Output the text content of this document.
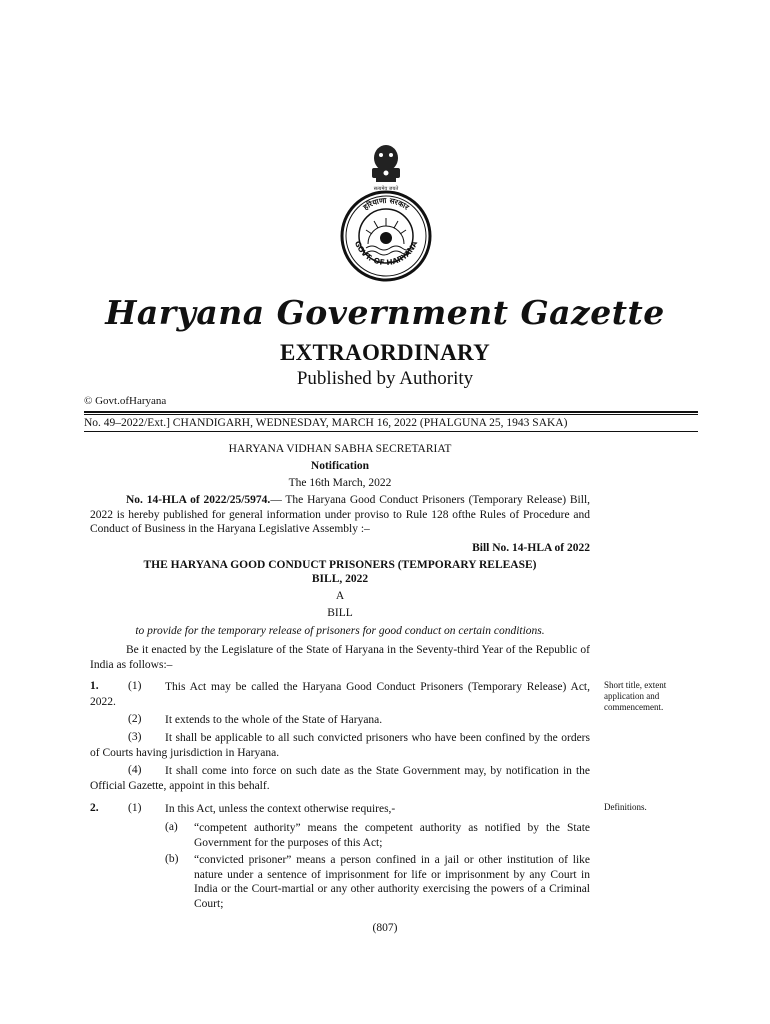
सत्यमेव जयते
हरियाणा सरकार
GOVT. OF HARYANA
Haryana Government Gazette
EXTRAORDINARY
Published by Authority
© Govt.ofHaryana
No. 49–2022/Ext.] CHANDIGARH, WEDNESDAY, MARCH 16, 2022 (PHALGUNA 25, 1943 SAKA)
HARYANA VIDHAN SABHA SECRETARIAT
Notification
The 16th March, 2022
No. 14-HLA of 2022/25/5974.— The Haryana Good Conduct Prisoners (Temporary Release) Bill, 2022 is hereby published for general information under proviso to Rule 128 ofthe Rules of Procedure and Conduct of Business in the Haryana Legislative Assembly :–
Bill No. 14-HLA of 2022
THE HARYANA GOOD CONDUCT PRISONERS (TEMPORARY RELEASE)
BILL, 2022
A
BILL
to provide for the temporary release of prisoners for good conduct on certain conditions.
Be it enacted by the Legislature of the State of Haryana in the Seventy-third Year of the Republic of India as follows:–
1.	This Act may be called the Haryana Good Conduct Prisoners (Temporary Release) Act, 2022.
(1)	Short title, extent application and commencement.
(2) It extends to the whole of the State of Haryana.
(3)	It shall be applicable to all such convicted prisoners who have been confined by the orders of Courts having jurisdiction in Haryana.
(4)	It shall come into force on such date as the State Government may, by notification in the Official Gazette, appoint in this behalf.
2.	(1) In this Act, unless the context otherwise requires,-	Definitions.
(a) “competent authority” means the competent authority as notified by the State Government for the purposes of this Act;
(b) “convicted prisoner” means a person confined in a jail or other institution of like nature under a sentence of imprisonment for life or imprisonment by any Court in India or the Court-martial or any other authority exercising the powers of a Criminal Court;
(807)
